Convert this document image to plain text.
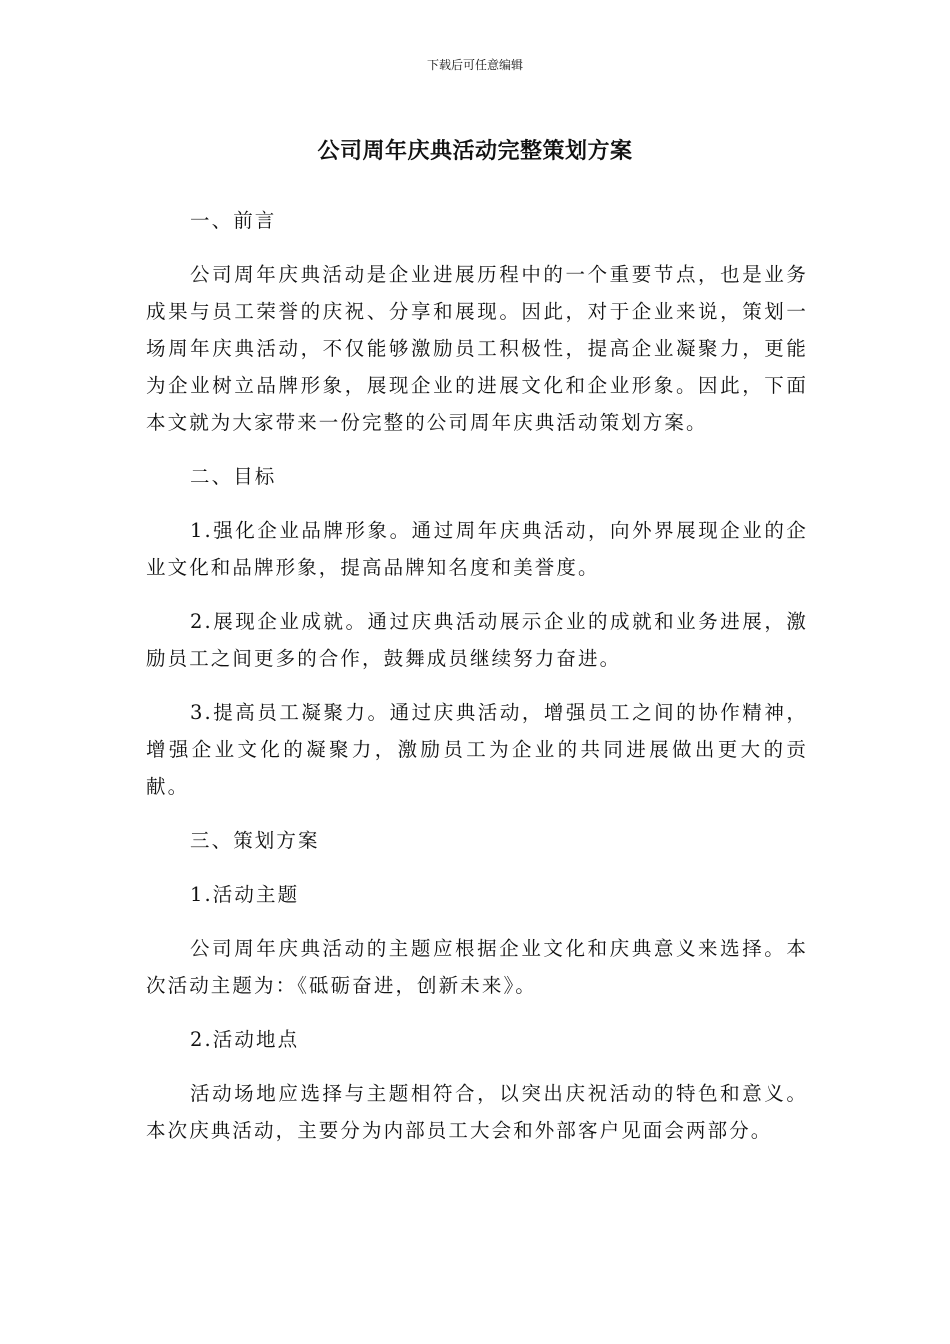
下载后可任意编辑
公司周年庆典活动完整策划方案

一、前言

公司周年庆典活动是企业进展历程中的一个重要节点，也是业务成果与员工荣誉的庆祝、分享和展现。因此，对于企业来说，策划一场周年庆典活动，不仅能够激励员工积极性，提高企业凝聚力，更能为企业树立品牌形象，展现企业的进展文化和企业形象。因此，下面本文就为大家带来一份完整的公司周年庆典活动策划方案。

二、目标

1.强化企业品牌形象。通过周年庆典活动，向外界展现企业的企业文化和品牌形象，提高品牌知名度和美誉度。

2.展现企业成就。通过庆典活动展示企业的成就和业务进展，激励员工之间更多的合作，鼓舞成员继续努力奋进。

3.提高员工凝聚力。通过庆典活动，增强员工之间的协作精神，增强企业文化的凝聚力，激励员工为企业的共同进展做出更大的贡献。

三、策划方案

1.活动主题

公司周年庆典活动的主题应根据企业文化和庆典意义来选择。本次活动主题为：《砥砺奋进，创新未来》。

2.活动地点

活动场地应选择与主题相符合，以突出庆祝活动的特色和意义。本次庆典活动，主要分为内部员工大会和外部客户见面会两部分。
